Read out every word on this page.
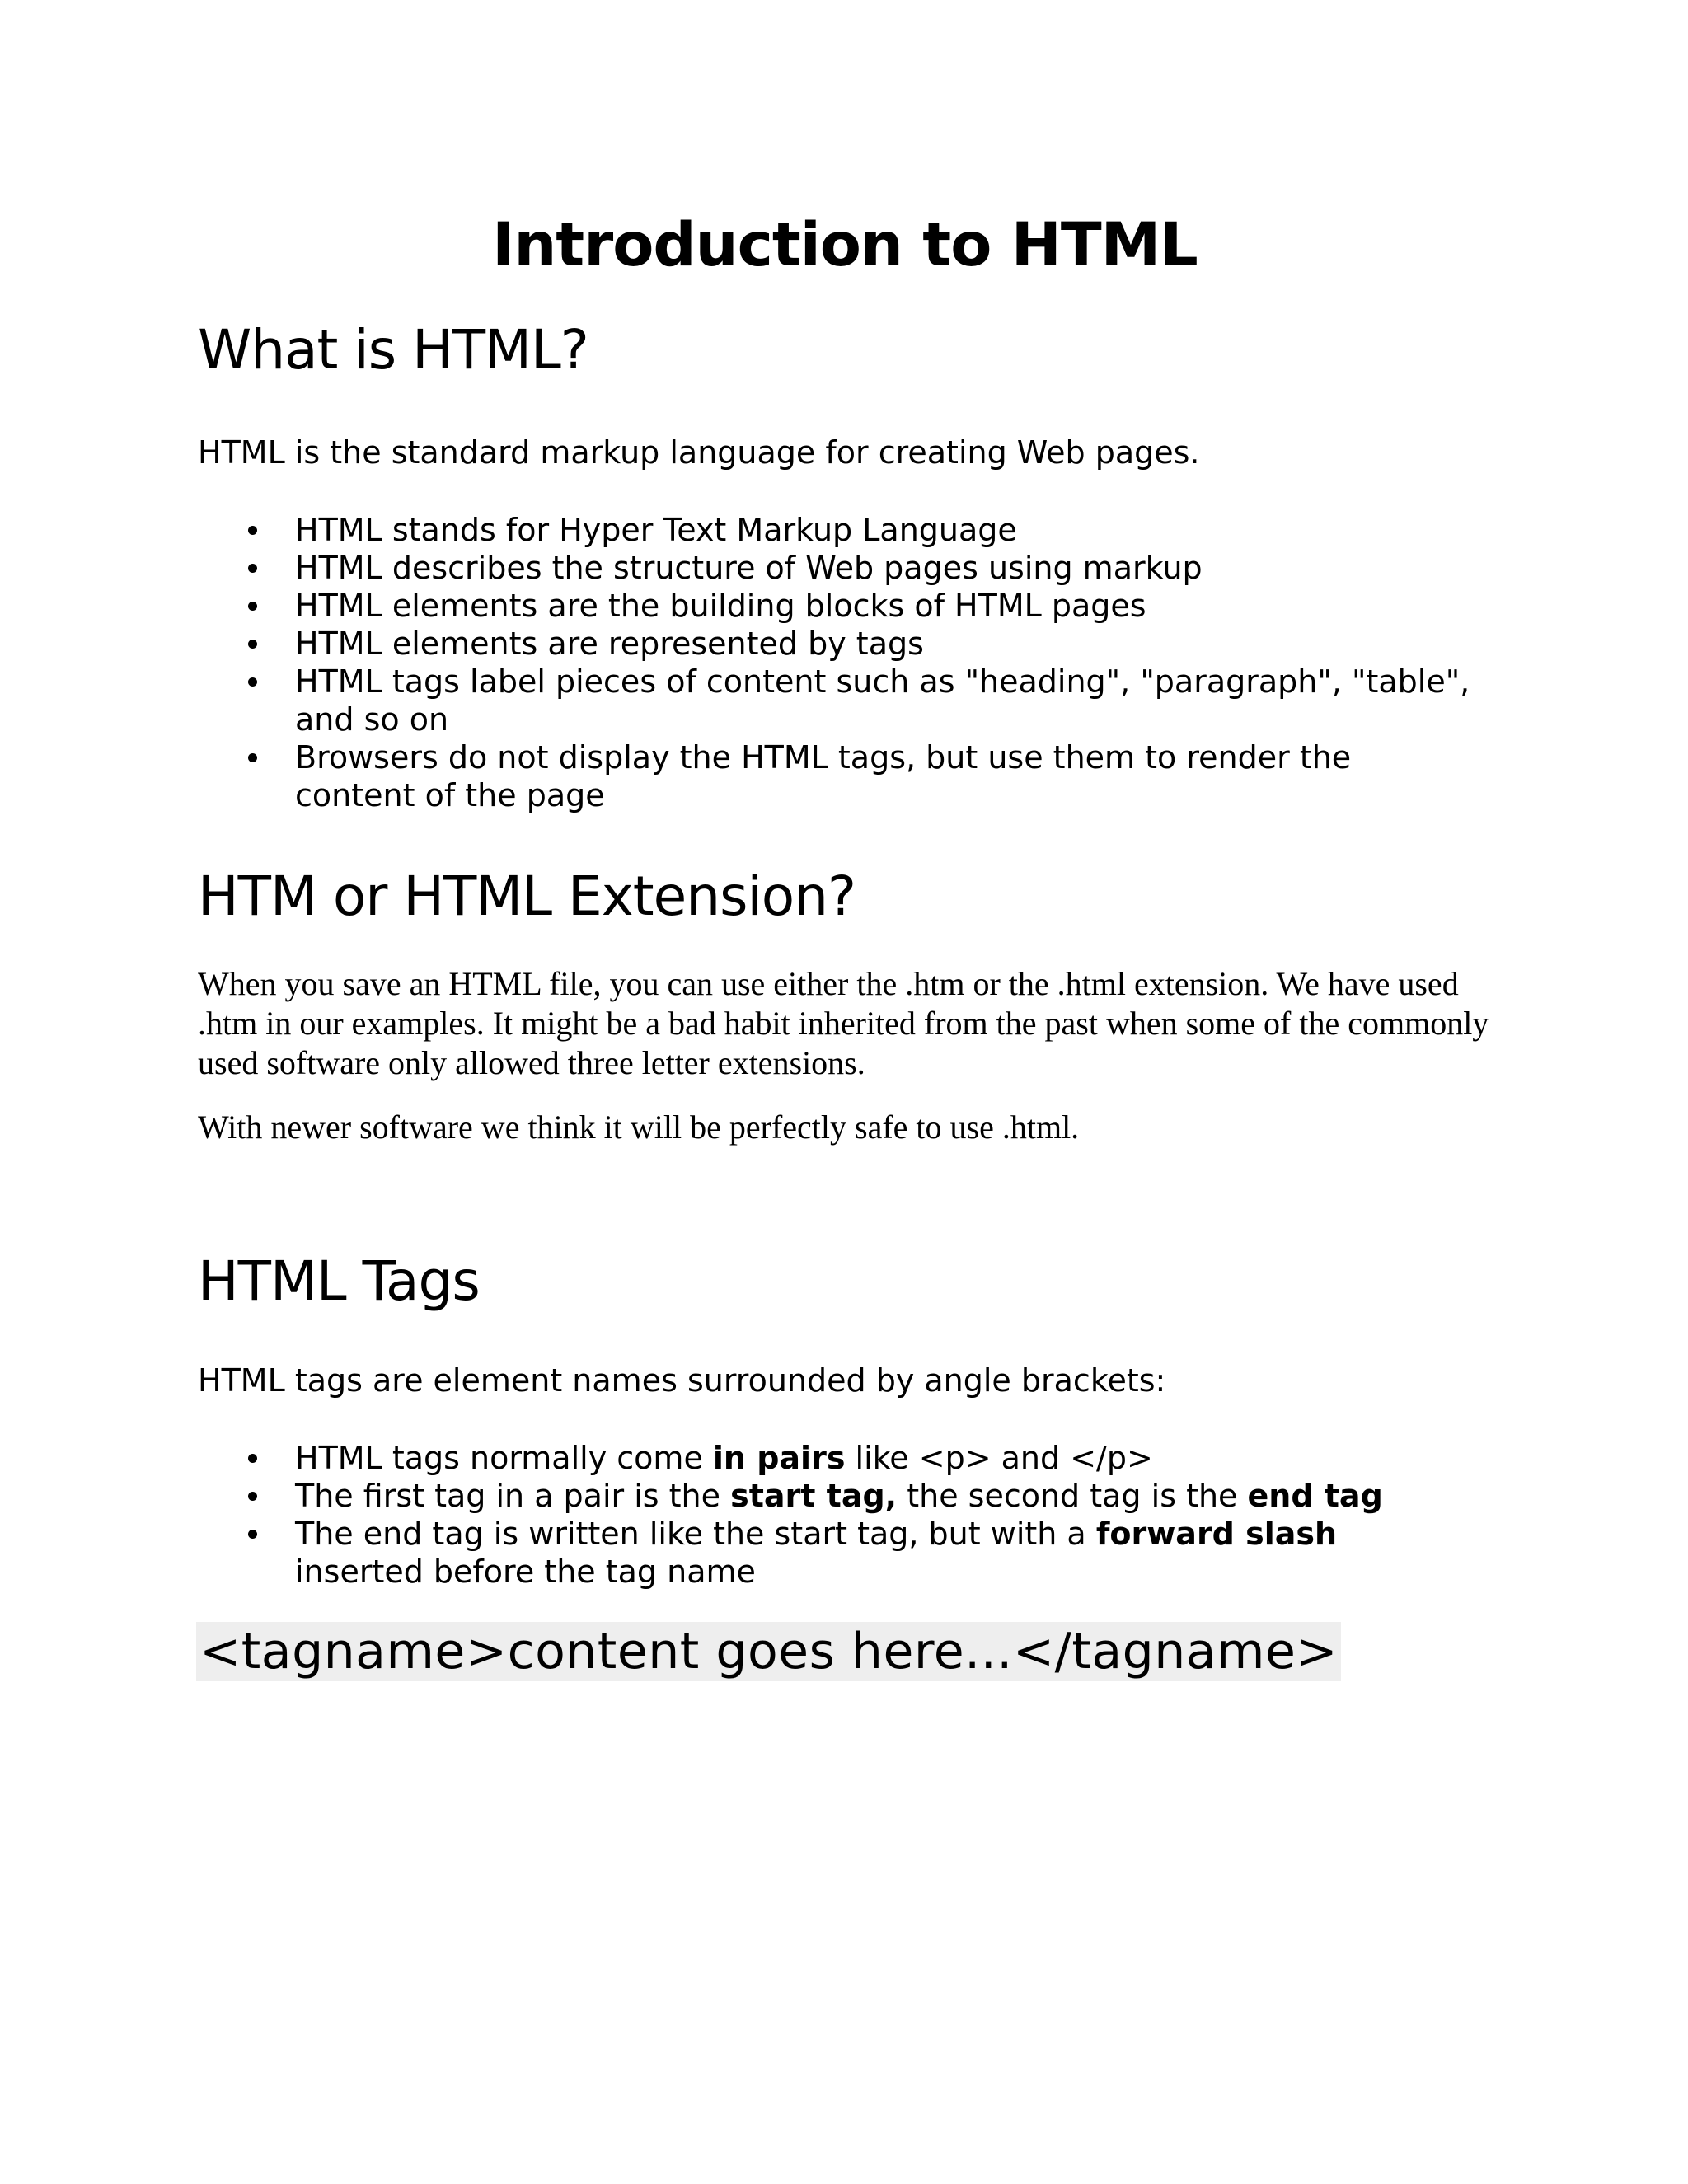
Introduction to HTML
What is HTML?

HTML is the standard markup language for creating Web pages.

HTML stands for Hyper Text Markup Language
HTML describes the structure of Web pages using markup
HTML elements are the building blocks of HTML pages
HTML elements are represented by tags
HTML tags label pieces of content such as "heading", "paragraph", "table", and so on
Browsers do not display the HTML tags, but use them to render the content of the page
HTM or HTML Extension?

When you save an HTML file, you can use either the .htm or the .html extension. We have used .htm in our examples. It might be a bad habit inherited from the past when some of the commonly used software only allowed three letter extensions.

With newer software we think it will be perfectly safe to use .html.

HTML Tags

HTML tags are element names surrounded by angle brackets:

HTML tags normally come in pairs like <p> and </p>
The first tag in a pair is the start tag, the second tag is the end tag
The end tag is written like the start tag, but with a forward slash inserted before the tag name

<tagname>content goes here...</tagname>
